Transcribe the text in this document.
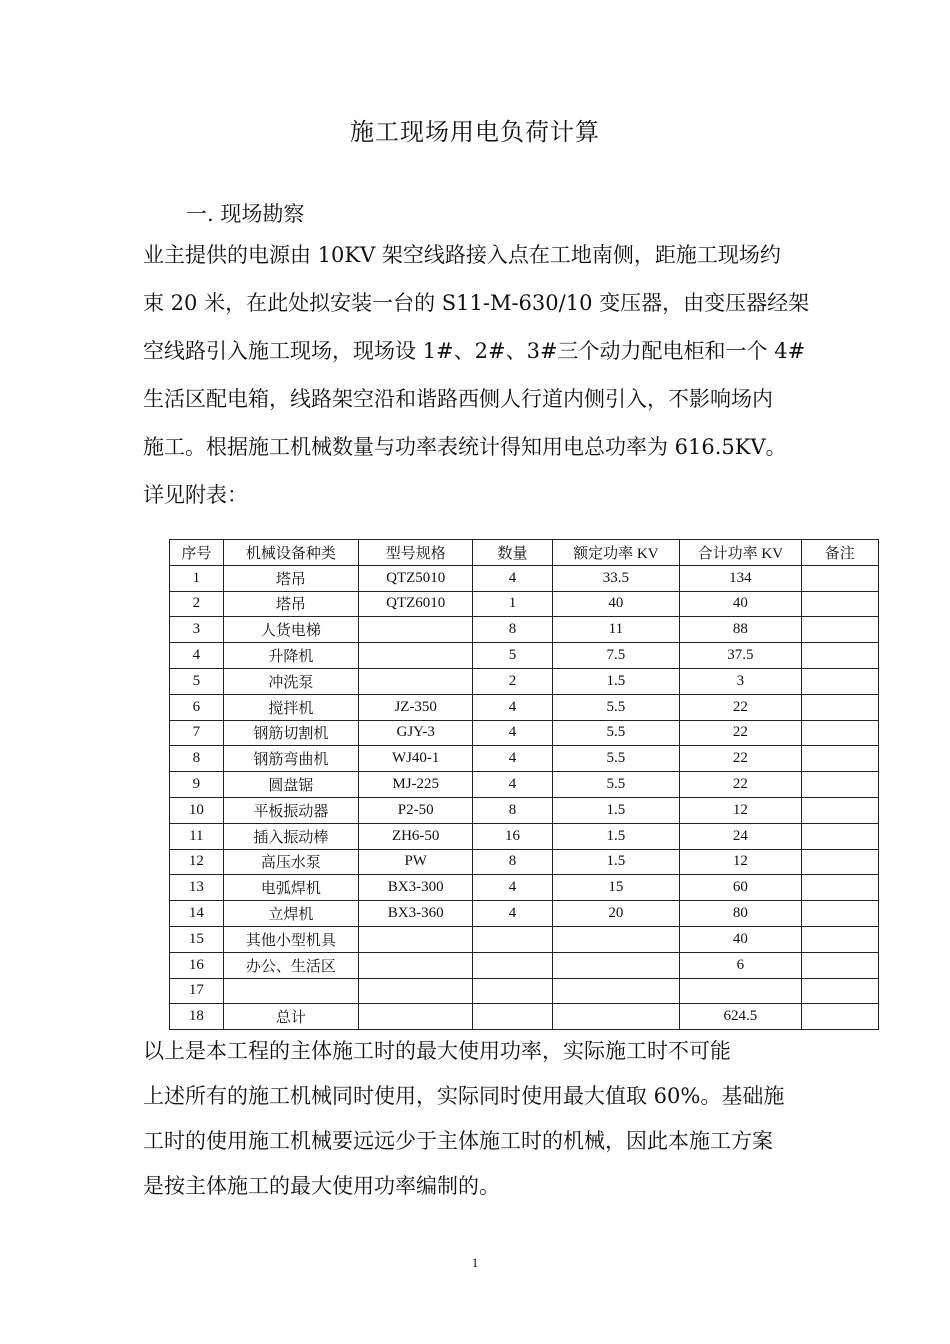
施工现场用电负荷计算
一. 现场勘察
业主提供的电源由 10KV 架空线路接入点在工地南侧，距施工现场约
束 20 米，在此处拟安装一台的 S11-M-630/10 变压器，由变压器经架
空线路引入施工现场，现场设 1#、2#、3#三个动力配电柜和一个 4#
生活区配电箱，线路架空沿和谐路西侧人行道内侧引入，不影响场内
施工。根据施工机械数量与功率表统计得知用电总功率为 616.5KV。
详见附表：
序号	机械设备种类	型号规格	数量	额定功率 KV	合计功率 KV	备注
1	塔吊	QTZ5010	4	33.5	134	
2	塔吊	QTZ6010	1	40	40	
3	人货电梯		8	11	88	
4	升降机		5	7.5	37.5	
5	冲洗泵		2	1.5	3	
6	搅拌机	JZ-350	4	5.5	22	
7	钢筋切割机	GJY-3	4	5.5	22	
8	钢筋弯曲机	WJ40-1	4	5.5	22	
9	圆盘锯	MJ-225	4	5.5	22	
10	平板振动器	P2-50	8	1.5	12	
11	插入振动棒	ZH6-50	16	1.5	24	
12	高压水泵	PW	8	1.5	12	
13	电弧焊机	BX3-300	4	15	60	
14	立焊机	BX3-360	4	20	80	
15	其他小型机具				40	
16	办公、生活区				6	
17						
18	总计				624.5	
以上是本工程的主体施工时的最大使用功率，实际施工时不可能
上述所有的施工机械同时使用，实际同时使用最大值取 60%。基础施
工时的使用施工机械要远远少于主体施工时的机械，因此本施工方案
是按主体施工的最大使用功率编制的。
1
